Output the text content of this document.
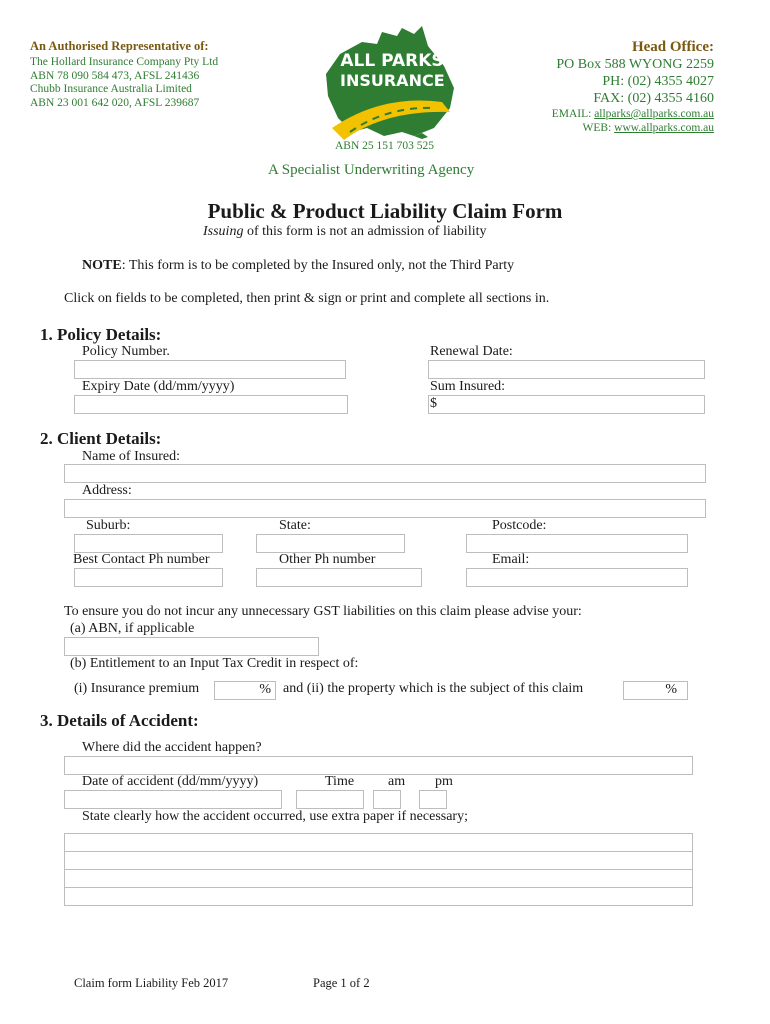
An Authorised Representative of:
The Hollard Insurance Company Pty Ltd
ABN 78 090 584 473, AFSL 241436
Chubb Insurance Australia Limited
ABN 23 001 642 020, AFSL 239687
ALL PARKS
INSURANCE
ABN 25 151 703 525
A Specialist Underwriting Agency
Head Office:
PO Box 588 WYONG 2259
PH: (02) 4355 4027
FAX: (02) 4355 4160
EMAIL: allparks@allparks.com.au
WEB: www.allparks.com.au
Public & Product Liability Claim Form
Issuing of this form is not an admission of liability
NOTE: This form is to be completed by the Insured only, not the Third Party
Click on fields to be completed, then print & sign or print and complete all sections in.
1. Policy Details:
Policy Number.	Renewal Date:
Expiry Date (dd/mm/yyyy)	Sum Insured:
$
2. Client Details:
Name of Insured:
Address:
Suburb:	State:	Postcode:
Best Contact Ph number	Other Ph number	Email:
To ensure you do not incur any unnecessary GST liabilities on this claim please advise your:
(a) ABN, if applicable
(b) Entitlement to an Input Tax Credit in respect of:
(i) Insurance premium	% and (ii) the property which is the subject of this claim	%
3. Details of Accident:
Where did the accident happen?
Date of accident (dd/mm/yyyy)	Time am pm
State clearly how the accident occurred, use extra paper if necessary;
Claim form Liability Feb 2017	Page 1 of 2
